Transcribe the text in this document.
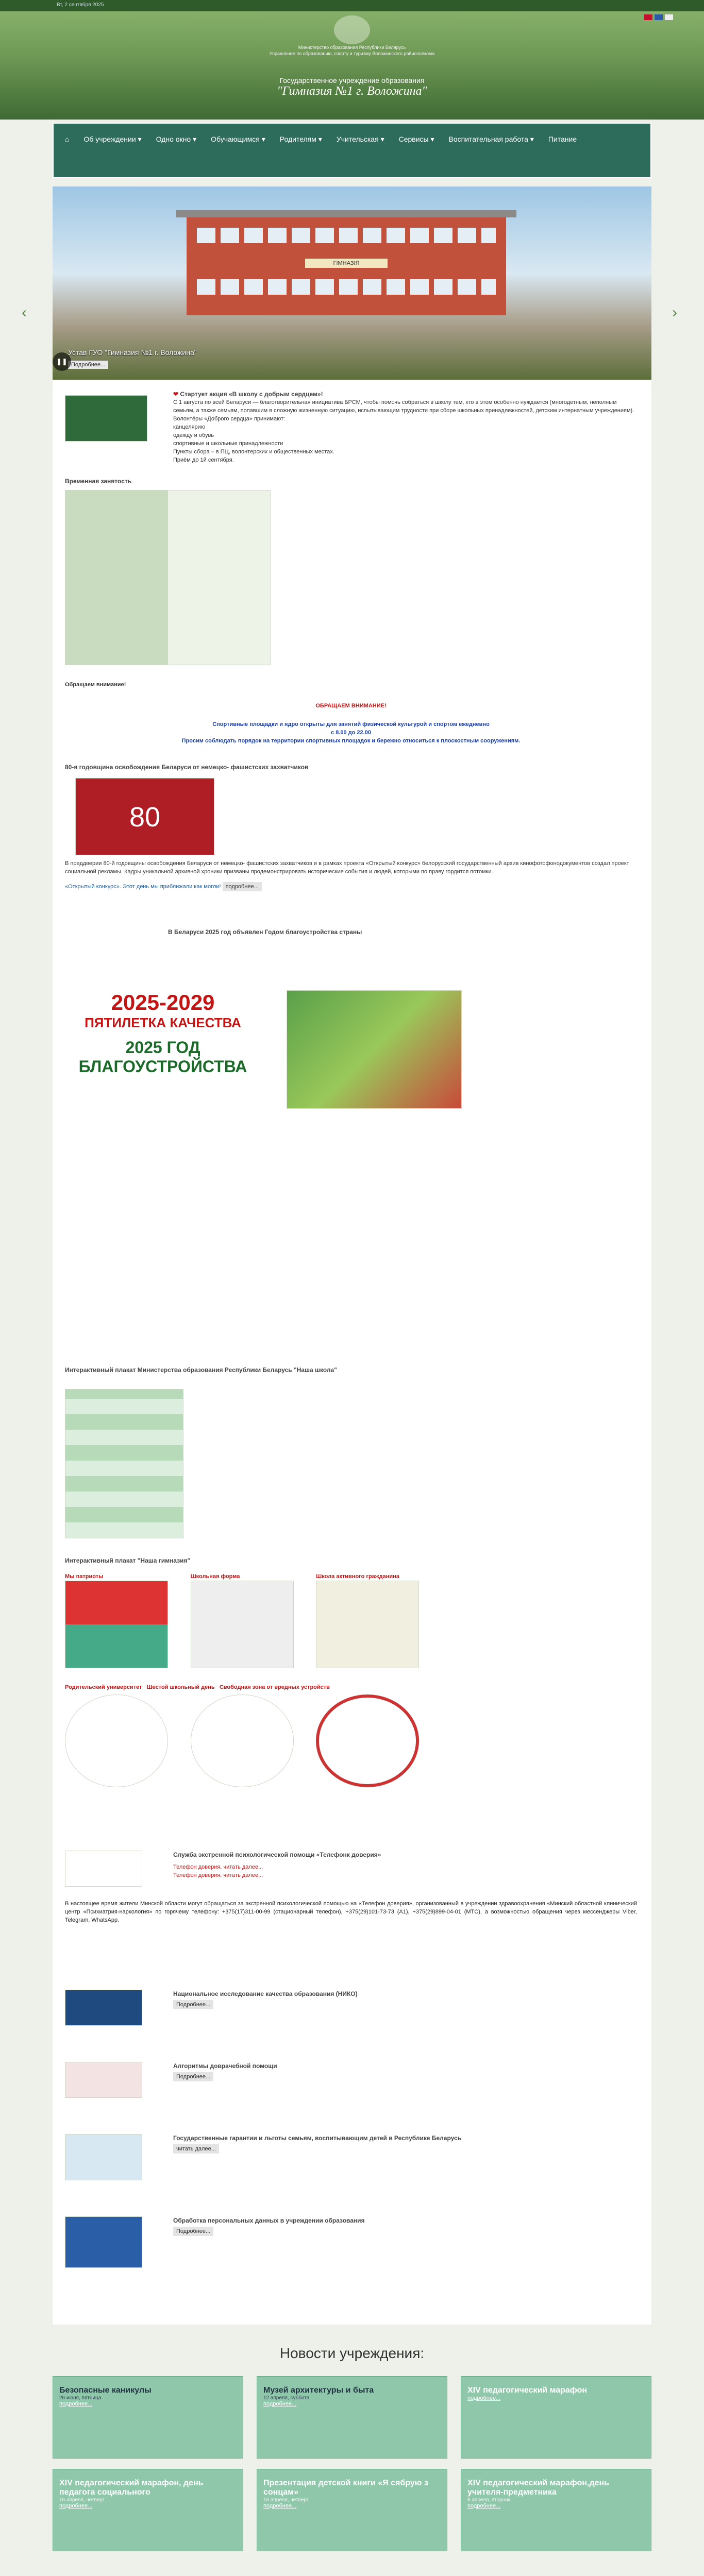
Вт, 2 сентября 2025
Министерство образования Республики Беларусь
Управление по образованию, спорту и туризму Воложинского райисполкома
Государственное учреждение образования
"Гимназия №1 г. Воложина"
⌂	Об учреждении ▾	Одно окно ▾	Обучающимся ▾	Родителям ▾	Учительская ▾	Сервисы ▾	Воспитательная работа ▾	Питание
‹	›
ГІМНАЗІЯ
Устав ГУО "Гимназия №1 г. Воложина"
Подробнее...
❚❚
❤ Стартует акция «В школу с добрым сердцем»!
С 1 августа по всей Беларуси — благотворительная инициатива БРСМ, чтобы помочь собраться в школу тем, кто в этом особенно нуждается (многодетным, неполным семьям, а также семьям, попавшим в сложную жизненную ситуацию, испытывающим трудности при сборе школьных принадлежностей, детским интернатным учреждениям).
Волонтёры «Доброго сердца» принимают:
канцелярию
одежду и обувь
спортивные и школьные принадлежности
Пункты сбора – в ПЦ, волонтерских и общественных местах.
Приём до 1й сентября.
Временная занятость
Обращаем внимание!
ОБРАЩАЕМ ВНИМАНИЕ!
Спортивные площадки и ядро открыты для занятий физической культурой и спортом ежедневно
с 8.00 до 22.00
Просим соблюдать порядок на территории спортивных площадок и бережно относиться к плоскостным сооружениям.
80-я годовщина освобождения Беларуси от немецко- фашистских захватчиков
80
В преддверии 80-й годовщины освобождения Беларуси от немецко- фашистских захватчиков и в рамках проекта «Открытый конкурс» белорусский государственный архив кинофотофонодокументов создал проект социальной рекламы. Кадры уникальной архивной хроники призваны продемонстрировать исторические события и людей, которыми по праву гордится потомки.
«Открытый конкурс». Этот день мы приближали как могли! подробнее...
В Беларуси 2025 год объявлен Годом благоустройства страны
2025-2029
ПЯТИЛЕТКА КАЧЕСТВА
2025 ГОД БЛАГОУСТРОЙСТВА
Интерактивный плакат Министерства образования Республики Беларусь "Наша школа"
Интерактивный плакат "Наша гимназия"
Мы патриоты
	Школьная форма
	Школа активного гражданина
Родительский университет Шестой школьный день Свободная зона от вредных устройств

Служба экстренной психологической помощи «Телефонк доверия»
Телефон доверия. читать далее...
Телефон доверия. читать далее...
В настоящее время жители Минской области могут обращаться за экстренной психологической помощью на «Телефон доверия», организованный в учреждении здравоохранения «Минский областной клинический центр «Психиатрия-наркология» по горячему телефону: +375(17)311-00-99 (стационарный телефон), +375(29)101-73-73 (A1), +375(29)899-04-01 (МТС), а возможностью обращения через мессенджеры Viber, Telegram, WhatsApp.
Национальное исследование качества образования (НИКО)
Подробнее...
Алгоритмы доврачебной помощи
Подробнее...
Государственные гарантии и льготы семьям, воспитывающим детей в Республике Беларусь
читать далее...
Обработка персональных данных в учреждении образования
Подробнее...
Новости учреждения:
Безопасные каникулы
26 июня, пятница
подробнее...
Музей архитектуры и быта
12 апреля, суббота
подробнее...
XIV педагогический марафон
подробнее...
XIV педагогический марафон, день педагога социального
16 апреля, четверг
подробнее...
Презентация детской книги «Я сябрую з сонцам»
16 апреля, четверг
подробнее...
XIV педагогический марафон,день учителя-предметника
8 апреля, вторник
подробнее...
